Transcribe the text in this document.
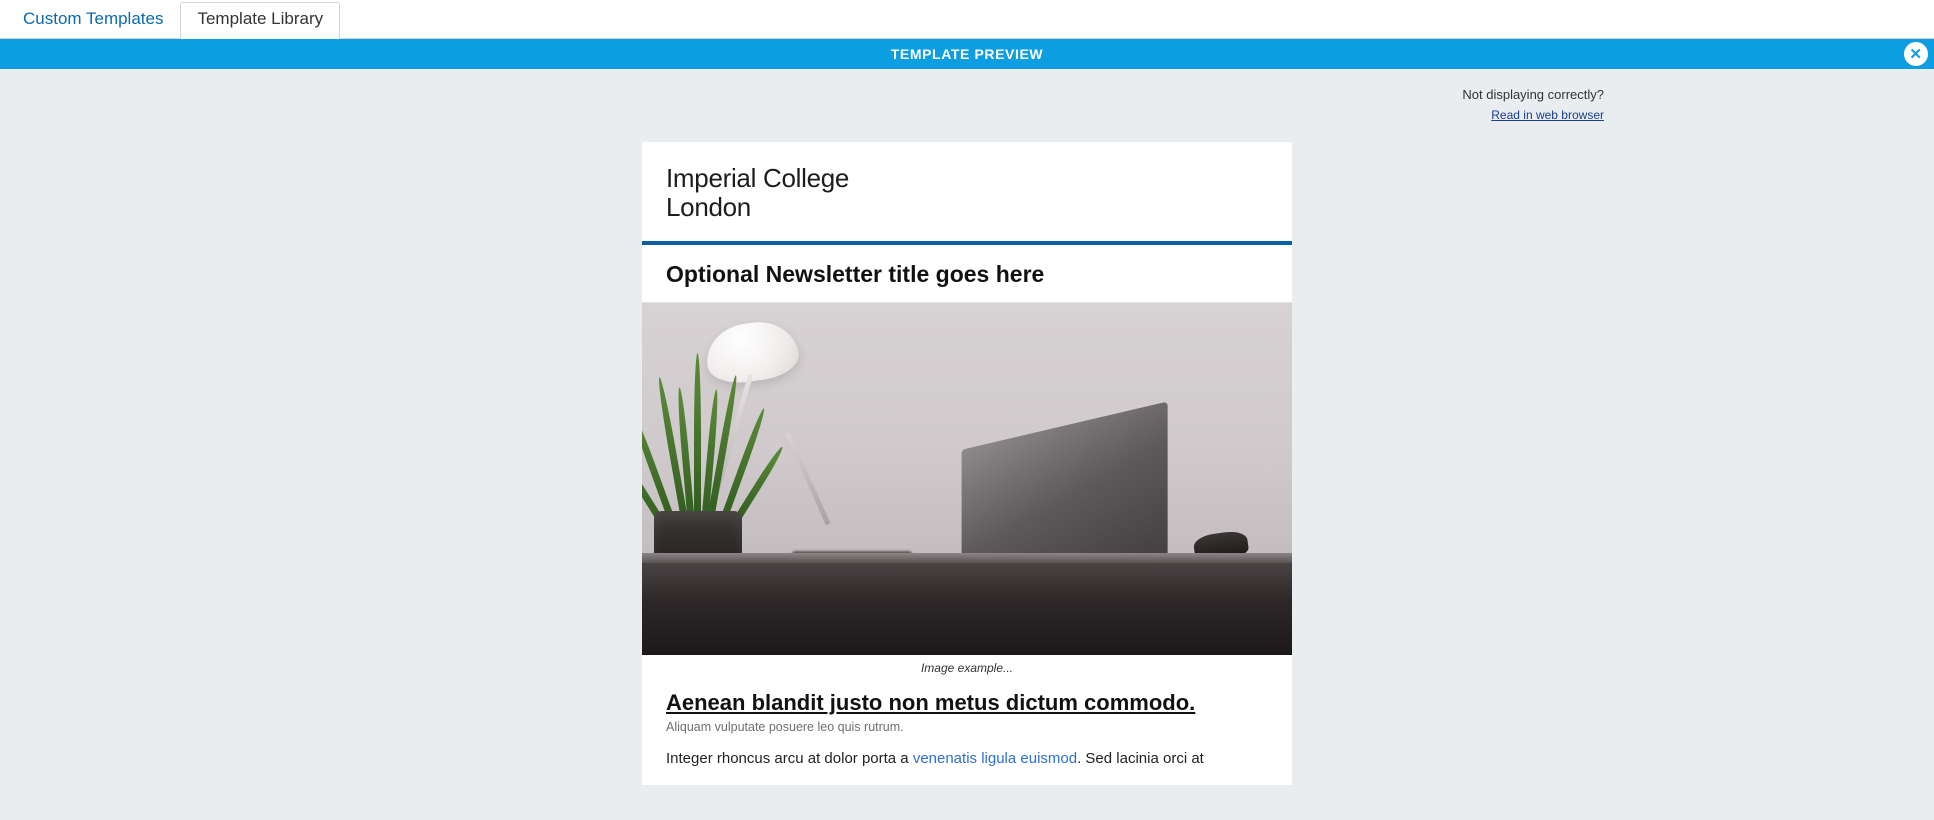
Custom Templates	Template Library
TEMPLATE PREVIEW	✕
Not displaying correctly?
Read in web browser
Imperial College
London
Optional Newsletter title goes here
Image example...
Aenean blandit justo non metus dictum commodo.

Aliquam vulputate posuere leo quis rutrum.

Integer rhoncus arcu at dolor porta a venenatis ligula euismod. Sed lacinia orci at
